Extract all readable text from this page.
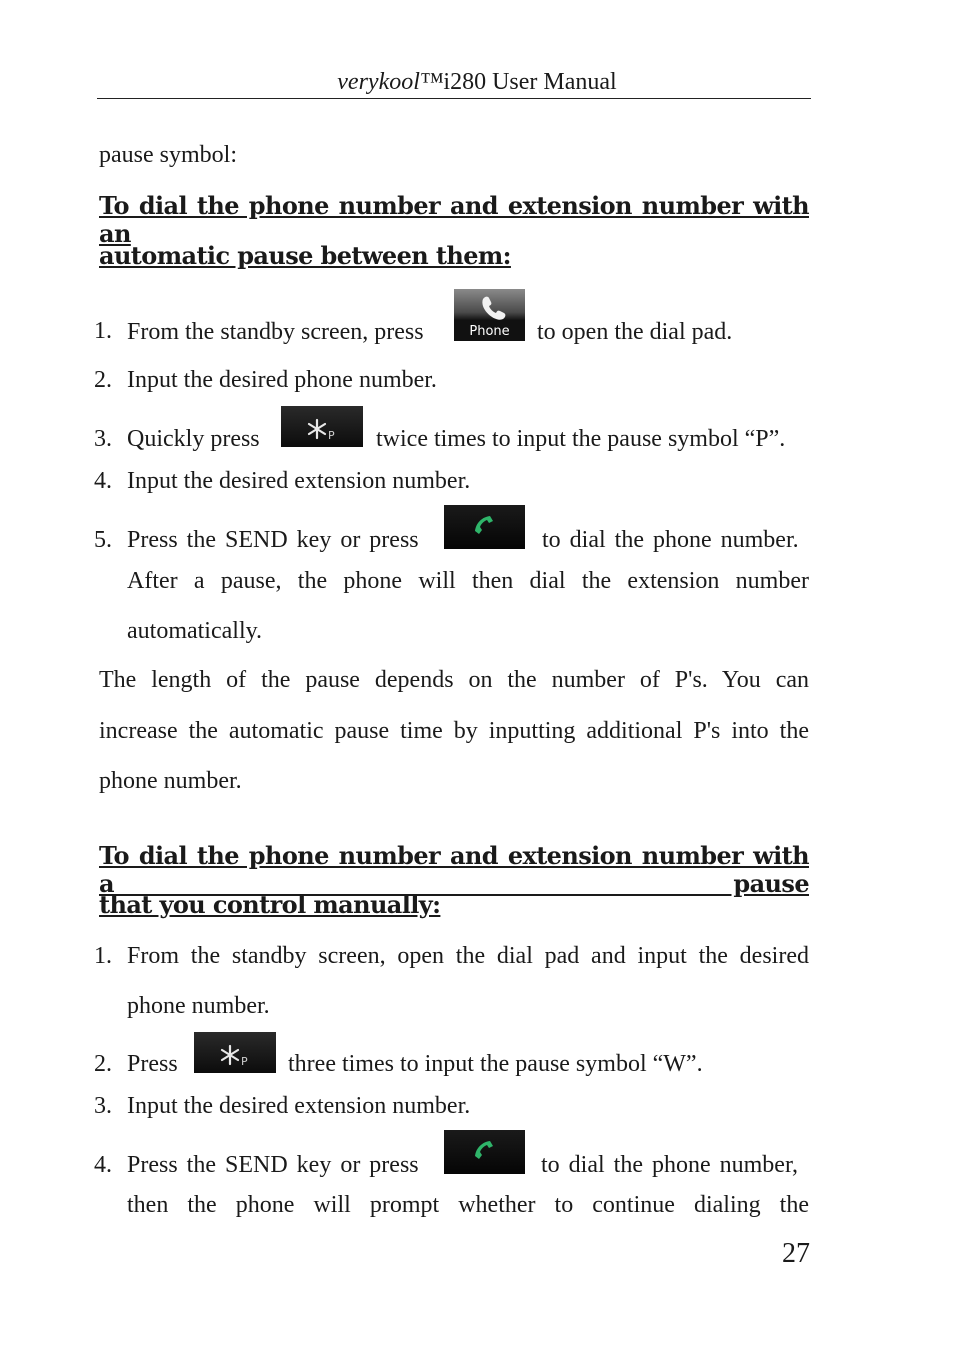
verykool™i280 User Manual
pause symbol:
To dial the phone number and extension number with an
automatic pause between them:
1. From the standby screen, press	Phone	to open the dial pad.
2. Input the desired phone number.
3. Quickly press	P twice times to input the pause symbol “P”.
4. Input the desired extension number.
5. Press the SEND key or press	to dial the phone number.
After a pause, the phone will then dial the extension number
automatically.
The length of the pause depends on the number of P's. You can
increase the automatic pause time by inputting additional P's into the
phone number.
To dial the phone number and extension number with a pause
that you control manually:
1. From the standby screen, open the dial pad and input the desired
phone number.
2. Press	P three times to input the pause symbol “W”.
3. Input the desired extension number.
4. Press the SEND key or press	to dial the phone number,
then the phone will prompt whether to continue dialing the
27
